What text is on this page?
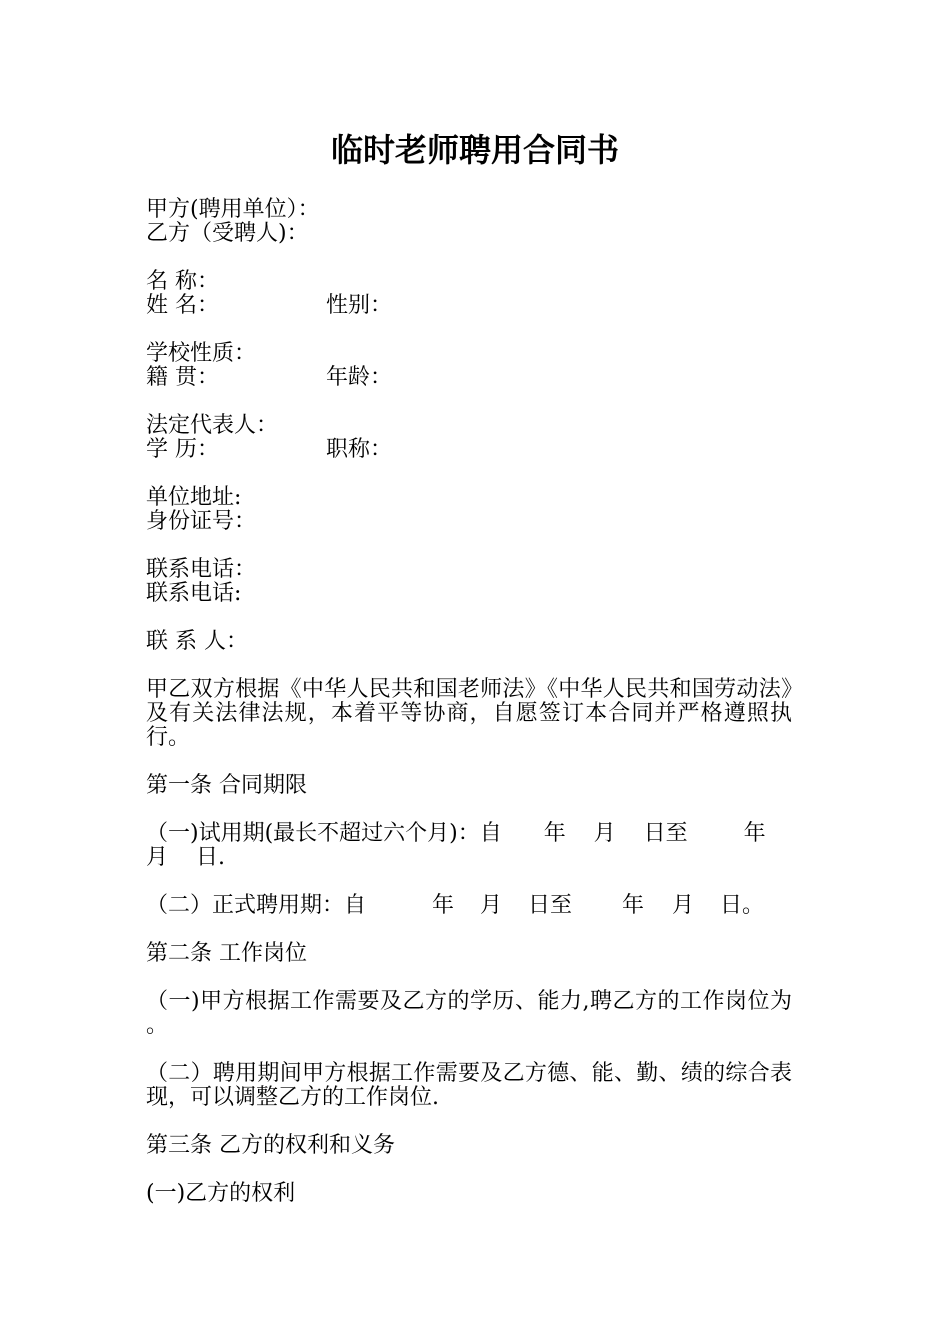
临时老师聘用合同书

甲方(聘用单位）：

乙方（受聘人)：

名 称：

姓 名：	性别：

学校性质：

籍 贯：	年龄：

法定代表人：

学 历：	职称：

单位地址:

身份证号：

联系电话：

联系电话:

联 系 人：

甲乙双方根据《中华人民共和国老师法》《中华人民共和国劳动法》及有关法律法规，本着平等协商，自愿签订本合同并严格遵照执行。

第一条 合同期限

（一)试用期(最长不超过六个月)：自      年    月    日至        年

月    日.

（二）正式聘用期：自	年 月 日至 年 月 日。

第二条 工作岗位

（一)甲方根据工作需要及乙方的学历、能力,聘乙方的工作岗位为            。

（二）聘用期间甲方根据工作需要及乙方德、能、勤、绩的综合表现，可以调整乙方的工作岗位.

第三条 乙方的权利和义务

(一)乙方的权利
